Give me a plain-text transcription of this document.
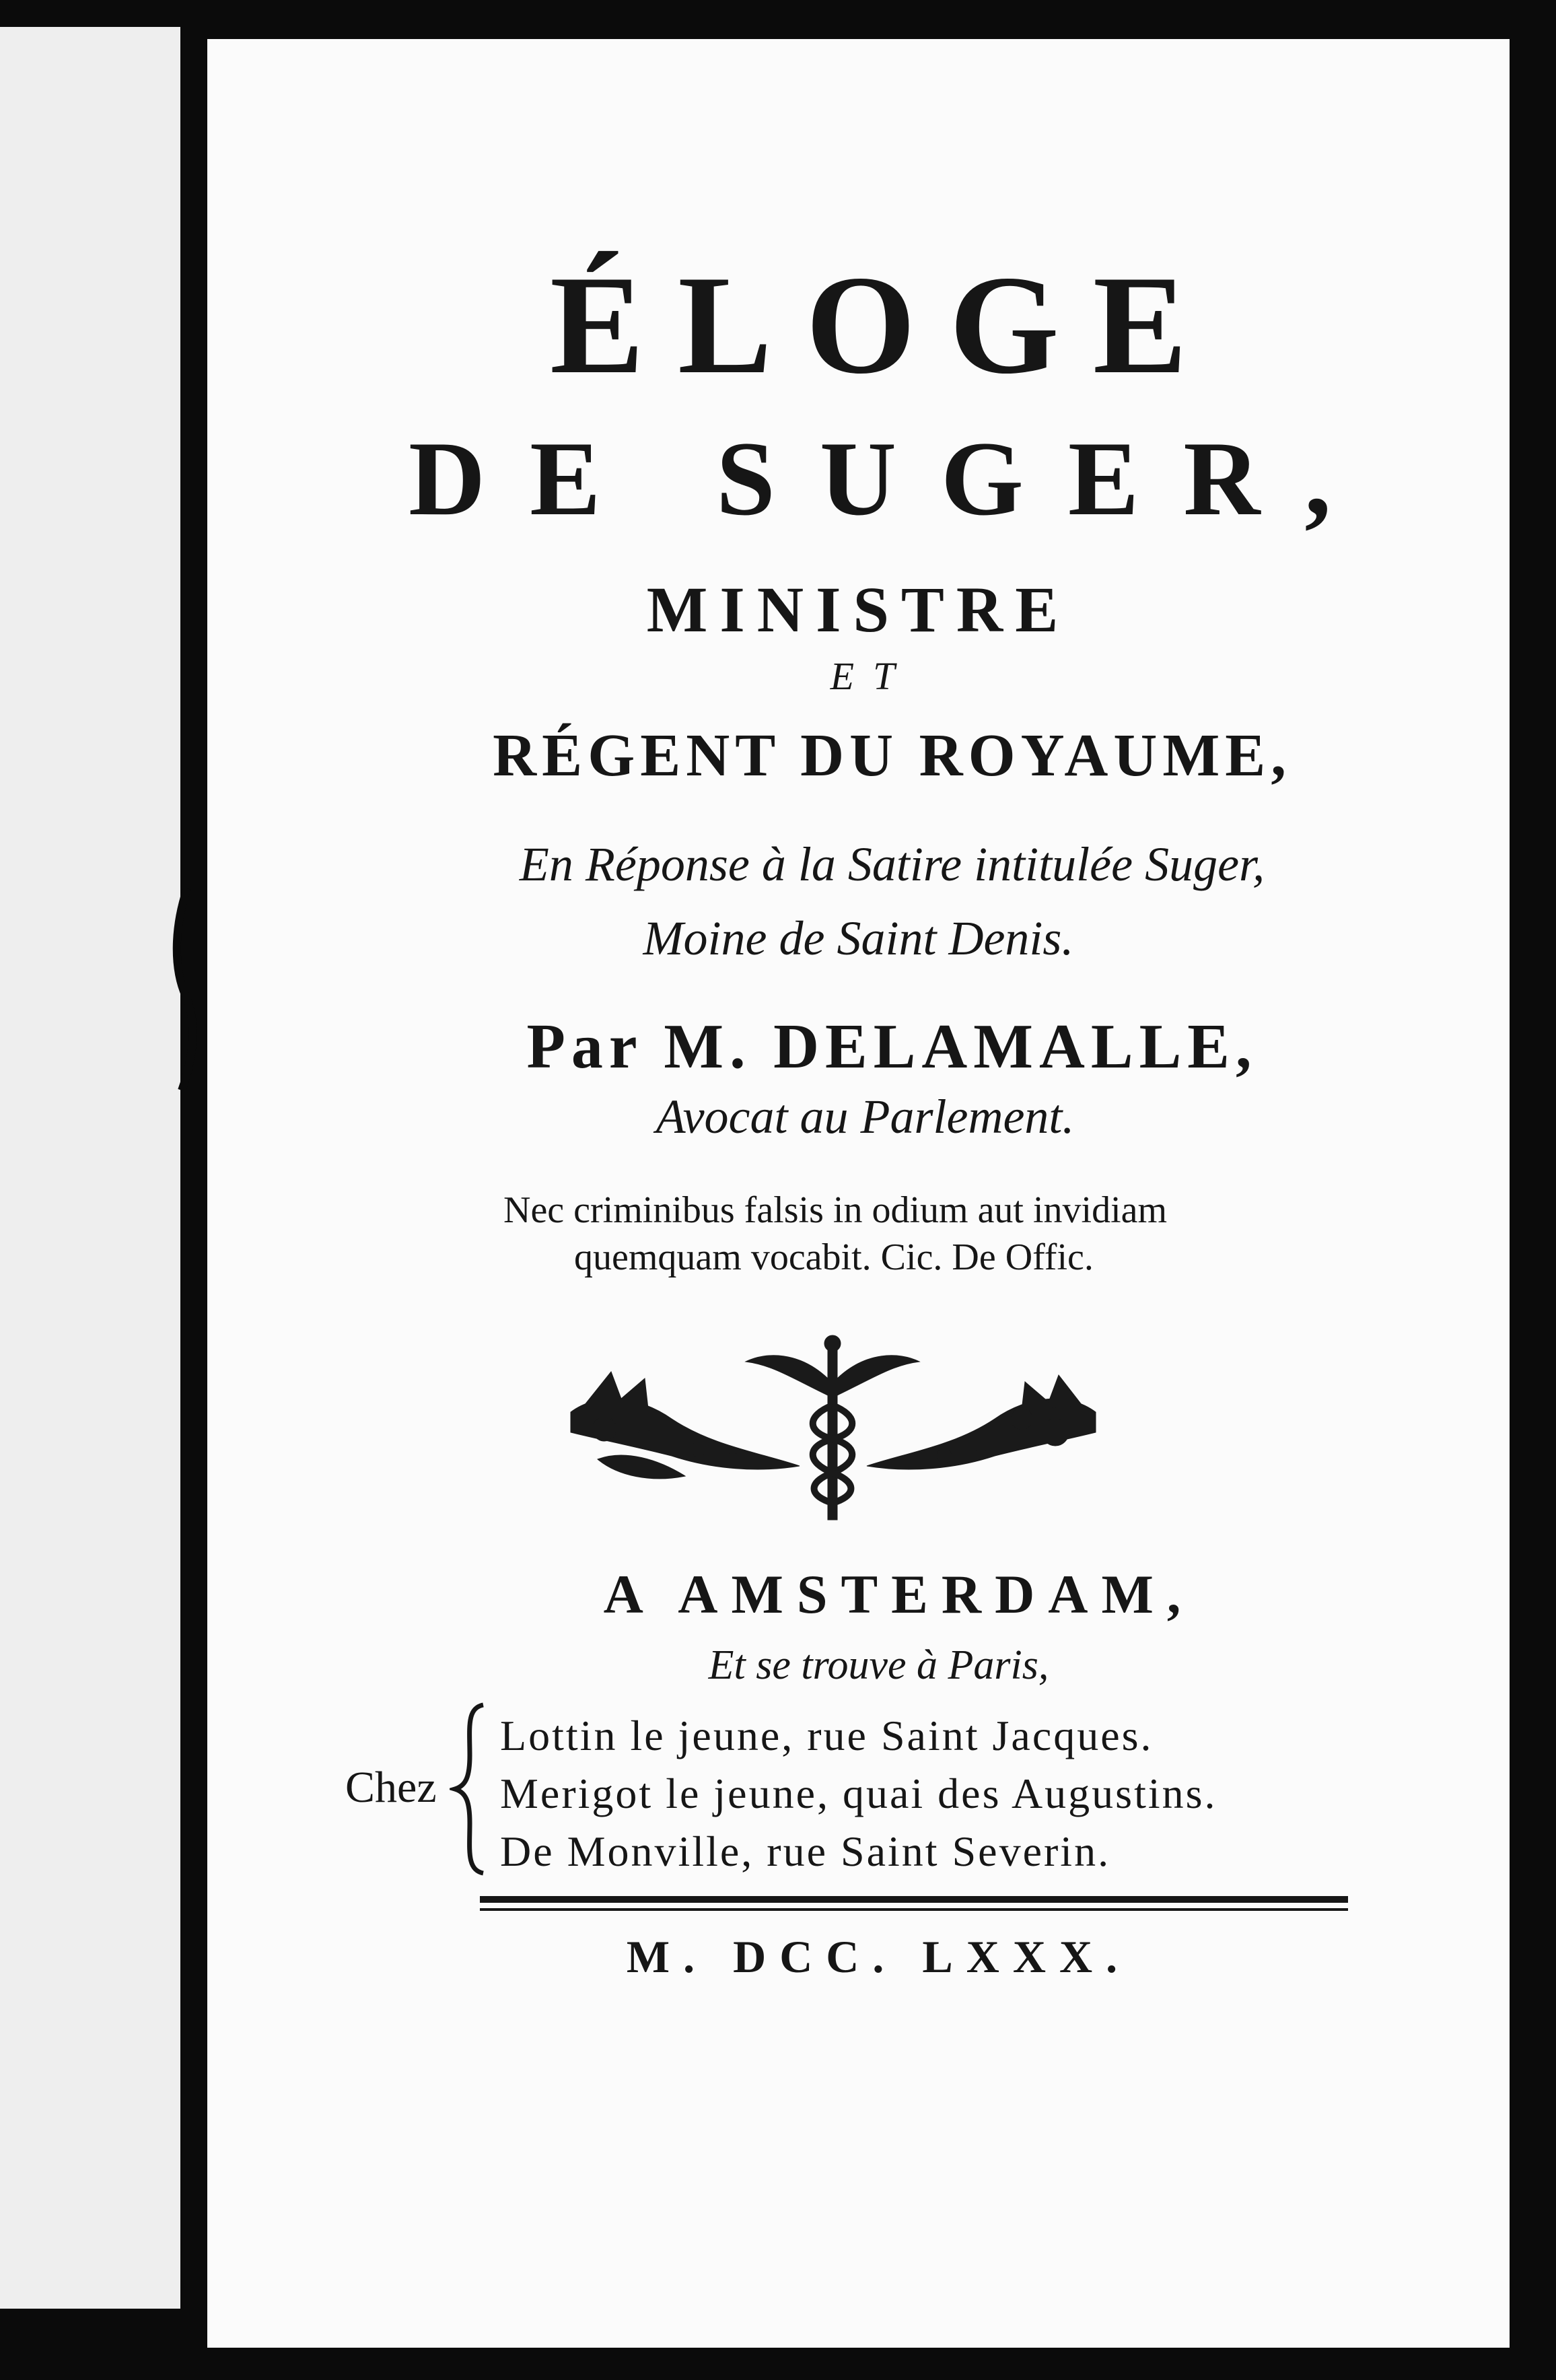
ÉLOGE
DE SUGER,
MINISTRE
ET
RÉGENT DU ROYAUME,
En Réponse à la Satire intitulée Suger,
Moine de Saint Denis.
Par M. DELAMALLE,
Avocat au Parlement.
Nec criminibus falsis in odium aut invidiam
quemquam vocabit. Cic. De Offic.
A AMSTERDAM,
Et se trouve à Paris,
Chez
Lottin le jeune, rue Saint Jacques.
Merigot le jeune, quai des Augustins.
De Monville, rue Saint Severin.
M. DCC. LXXX.
